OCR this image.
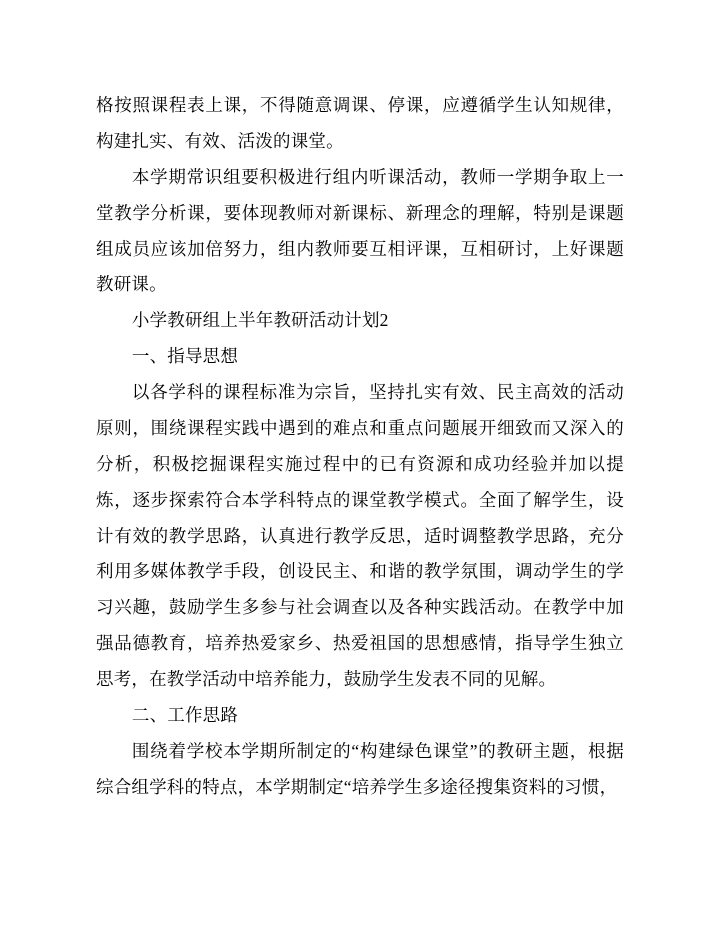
格按照课程表上课，不得随意调课、停课，应遵循学生认知规律，构建扎实、有效、活泼的课堂。

本学期常识组要积极进行组内听课活动，教师一学期争取上一堂教学分析课，要体现教师对新课标、新理念的理解，特别是课题组成员应该加倍努力，组内教师要互相评课，互相研讨，上好课题教研课。

小学教研组上半年教研活动计划2

一、指导思想

以各学科的课程标准为宗旨，坚持扎实有效、民主高效的活动原则，围绕课程实践中遇到的难点和重点问题展开细致而又深入的分析，积极挖掘课程实施过程中的已有资源和成功经验并加以提炼，逐步探索符合本学科特点的课堂教学模式。全面了解学生，设计有效的教学思路，认真进行教学反思，适时调整教学思路，充分利用多媒体教学手段，创设民主、和谐的教学氛围，调动学生的学习兴趣，鼓励学生多参与社会调查以及各种实践活动。在教学中加强品德教育，培养热爱家乡、热爱祖国的思想感情，指导学生独立思考，在教学活动中培养能力，鼓励学生发表不同的见解。

二、工作思路

围绕着学校本学期所制定的“构建绿色课堂”的教研主题，根据综合组学科的特点，本学期制定“培养学生多途径搜集资料的习惯，
